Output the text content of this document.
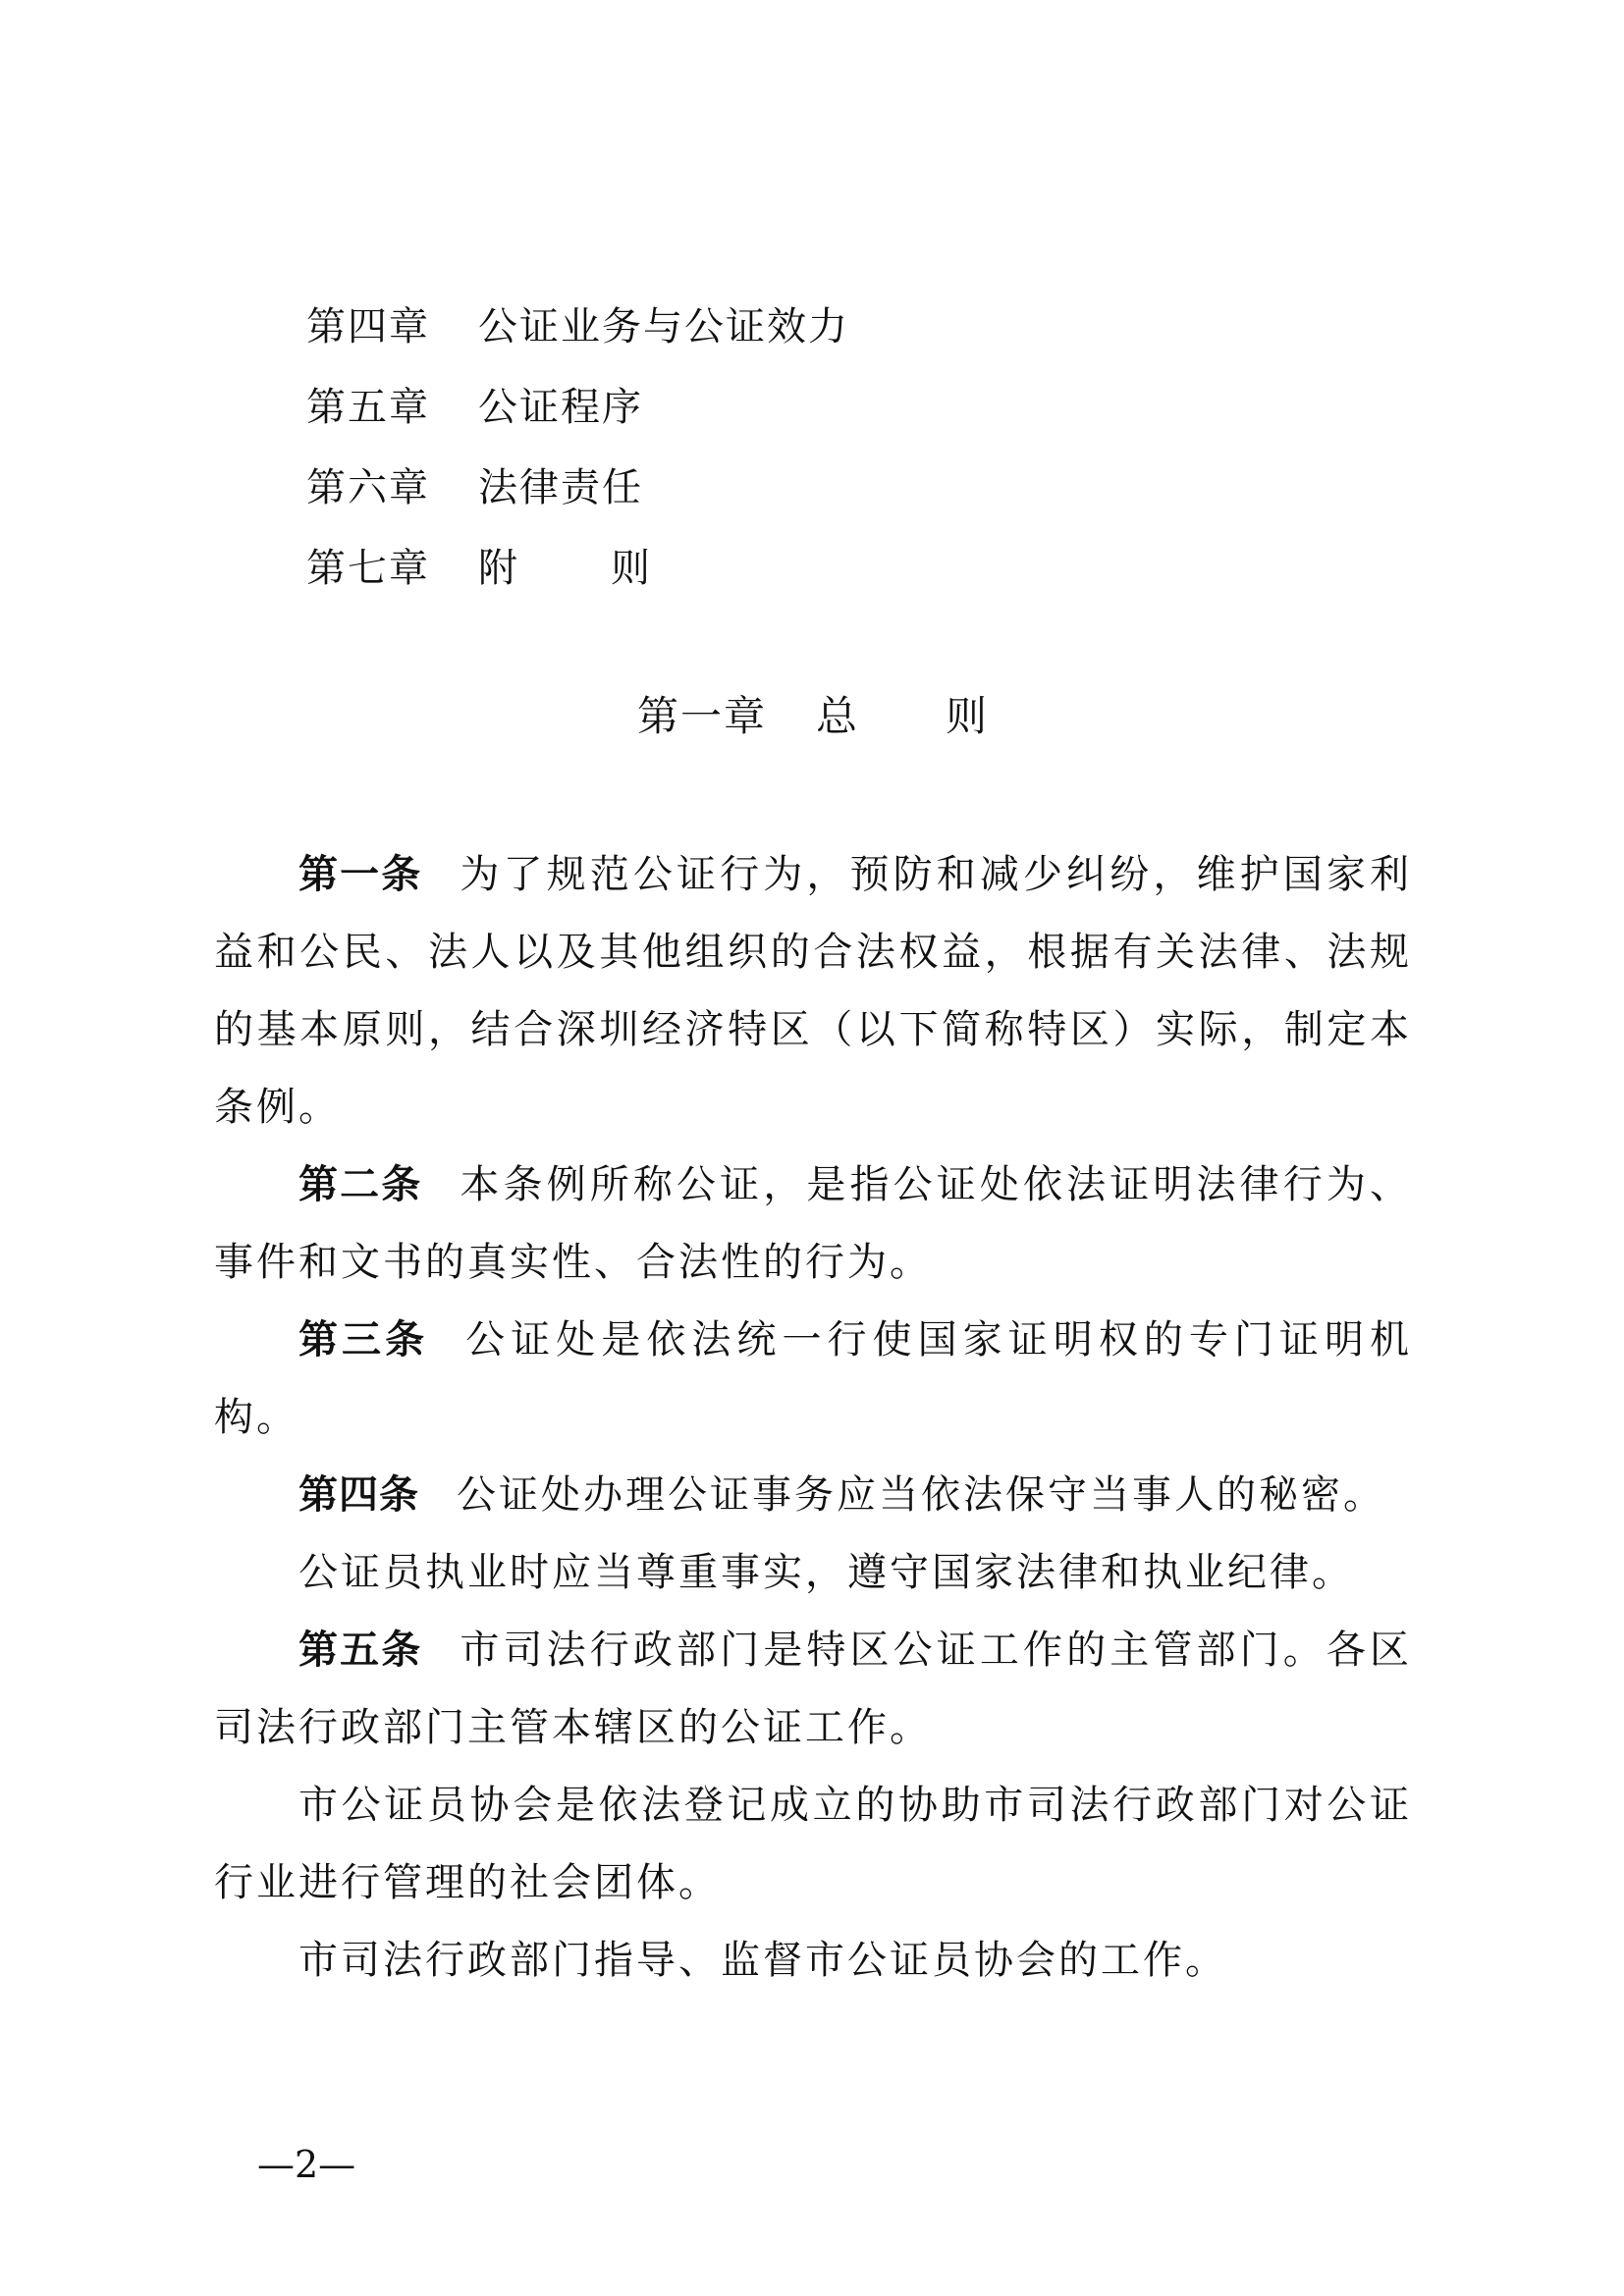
第四章 公证业务与公证效力
第五章 公证程序
第六章 法律责任
第七章 附 则
第一章 总 则

第一条 为了规范公证行为，预防和减少纠纷，维护国家利益和公民、法人以及其他组织的合法权益，根据有关法律、法规的基本原则，结合深圳经济特区（以下简称特区）实际，制定本条例。

第二条 本条例所称公证，是指公证处依法证明法律行为、事件和文书的真实性、合法性的行为。

第三条 公证处是依法统一行使国家证明权的专门证明机构。

第四条 公证处办理公证事务应当依法保守当事人的秘密。

公证员执业时应当尊重事实，遵守国家法律和执业纪律。

第五条 市司法行政部门是特区公证工作的主管部门。各区司法行政部门主管本辖区的公证工作。

市公证员协会是依法登记成立的协助市司法行政部门对公证行业进行管理的社会团体。

市司法行政部门指导、监督市公证员协会的工作。

—2—
